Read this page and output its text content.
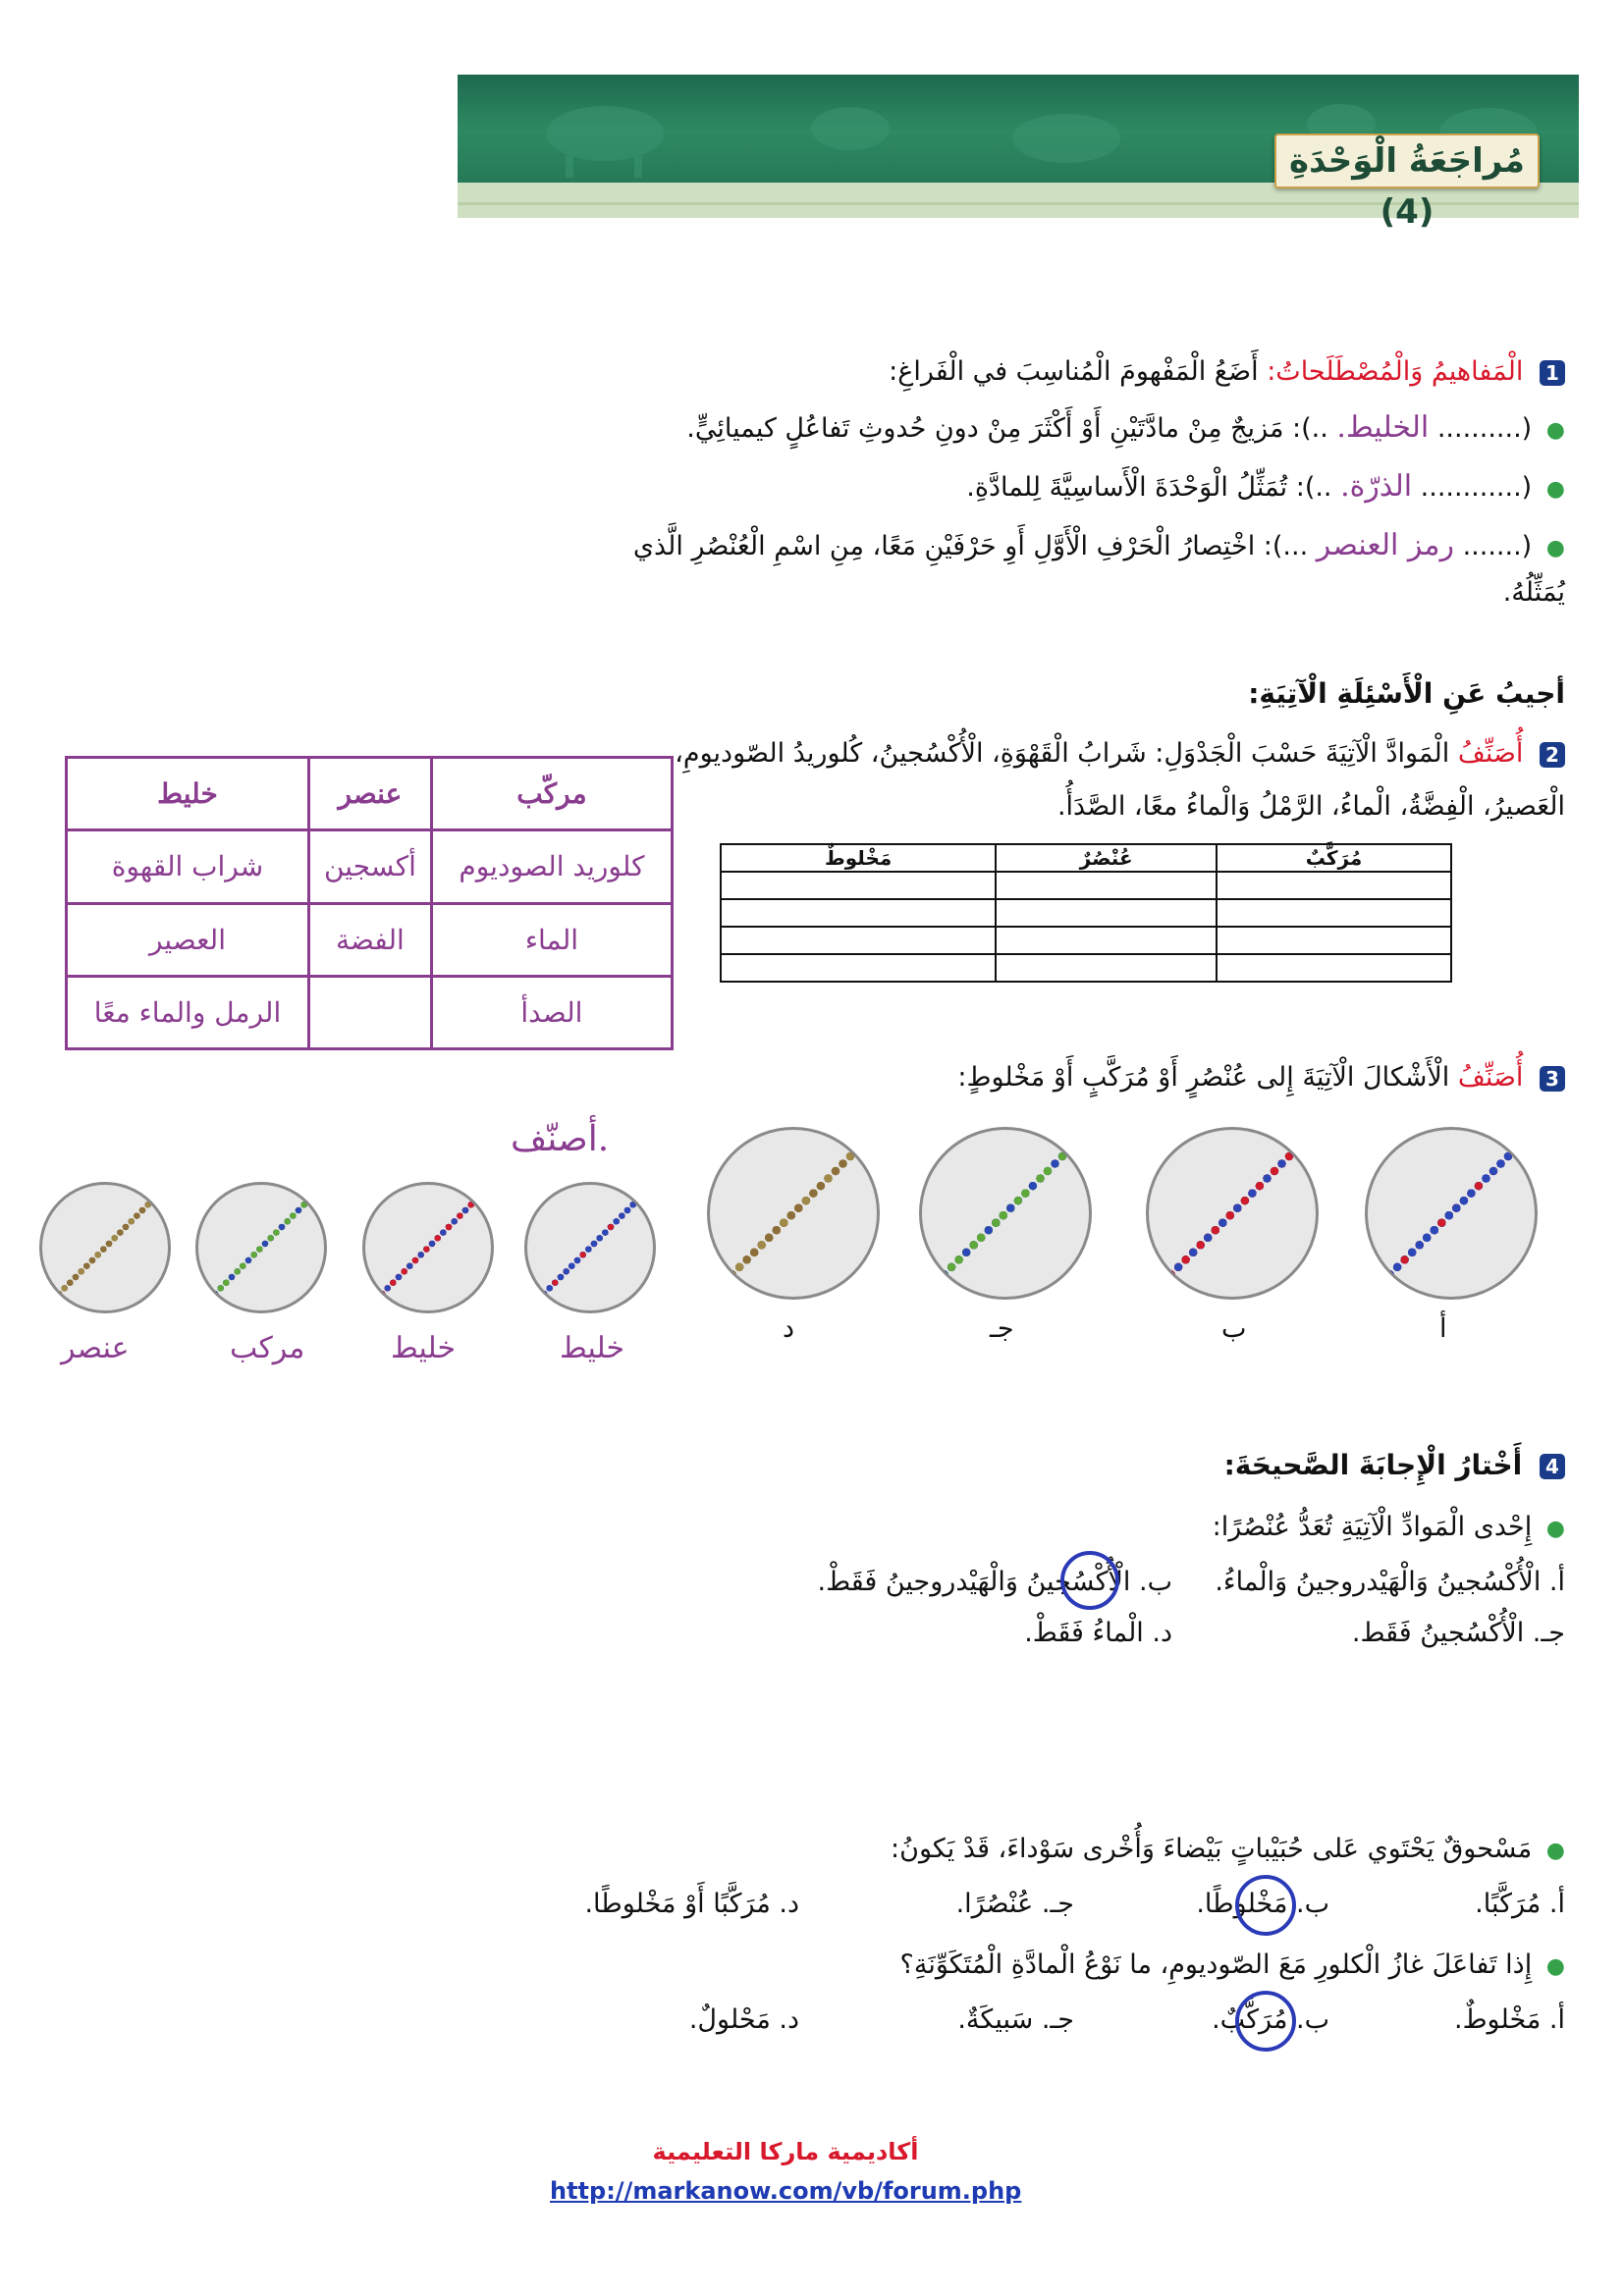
مُراجَعَةُ الْوَحْدَةِ (4)
1 الْمَفاهيمُ وَالْمُصْطَلَحاتُ: أَضَعُ الْمَفْهومَ الْمُناسِبَ في الْفَراغِ:
● (.......... الخليط. ..): مَزيجٌ مِنْ مادَّتَيْنِ أَوْ أَكْثَرَ مِنْ دونِ حُدوثِ تَفاعُلٍ كيميائِيٍّ.
● (............ الذرّة. ..): تُمَثِّلُ الْوَحْدَةَ الْأَساسِيَّةَ لِلمادَّةِ.
● (....... رمز العنصر ...): اخْتِصارُ الْحَرْفِ الْأَوَّلِ أَوِ حَرْفَيْنِ مَعًا، مِنِ اسْمِ الْعُنْصُرِ الَّذي
يُمَثِّلُهُ.
أجيبُ عَنِ الْأَسْئِلَةِ الْآتِيَةِ:
2 أُصَنِّفُ الْمَوادَّ الْآتِيَةَ حَسْبَ الْجَدْوَلِ: شَرابُ الْقَهْوَةِ، الْأُكْسُجينُ، كُلوريدُ الصّوديومِ،
الْعَصيرُ، الْفِضَّةُ، الْماءُ، الرَّمْلُ وَالْماءُ معًا، الصَّدَأُ.
مُرَكَّبٌ	عُنْصُرٌ	مَخْلوطٌ

مركّب	عنصر	خليط
كلوريد الصوديوم	أكسجين	شراب القهوة
الماء	الفضة	العصير
الصدأ		الرمل والماء معًا
3 أُصَنِّفُ الْأَشْكالَ الْآتِيَةَ إِلى عُنْصُرٍ أَوْ مُرَكَّبٍ أَوْ مَخْلوطٍ:
أصنّف.
أ
ب
جـ
د
خليط
خليط
مركب
عنصر
4 أَخْتارُ الْإِجابَةَ الصَّحيحَةَ:
● إِحْدى الْمَوادِّ الْآتِيَةِ تُعَدُّ عُنْصُرًا:
أ. الْأُكْسُجينُ وَالْهَيْدروجينُ وَالْماءُ.
ب. الْأُكْسُجينُ وَالْهَيْدروجينُ فَقَطْ.
جـ. الْأُكْسُجينُ فَقَط.
د. الْماءُ فَقَطْ.
● مَسْحوقٌ يَحْتَوي عَلى حُبَيْباتٍ بَيْضاءَ وَأُخْرى سَوْداءَ، قَدْ يَكونُ:
أ. مُرَكَّبًا.
ب. مَخْلوطًا.
جـ. عُنْصُرًا.
د. مُرَكَّبًا أَوْ مَخْلوطًا.
● إِذا تَفاعَلَ غازُ الْكلورِ مَعَ الصّوديومِ، ما نَوْعُ الْمادَّةِ الْمُتَكَوِّنَةِ؟
أ. مَخْلوطٌ.
ب. مُرَكَّبٌ.
جـ. سَبيكَةٌ.
د. مَحْلولٌ.
أكاديمية ماركا التعليمية
http://markanow.com/vb/forum.php
